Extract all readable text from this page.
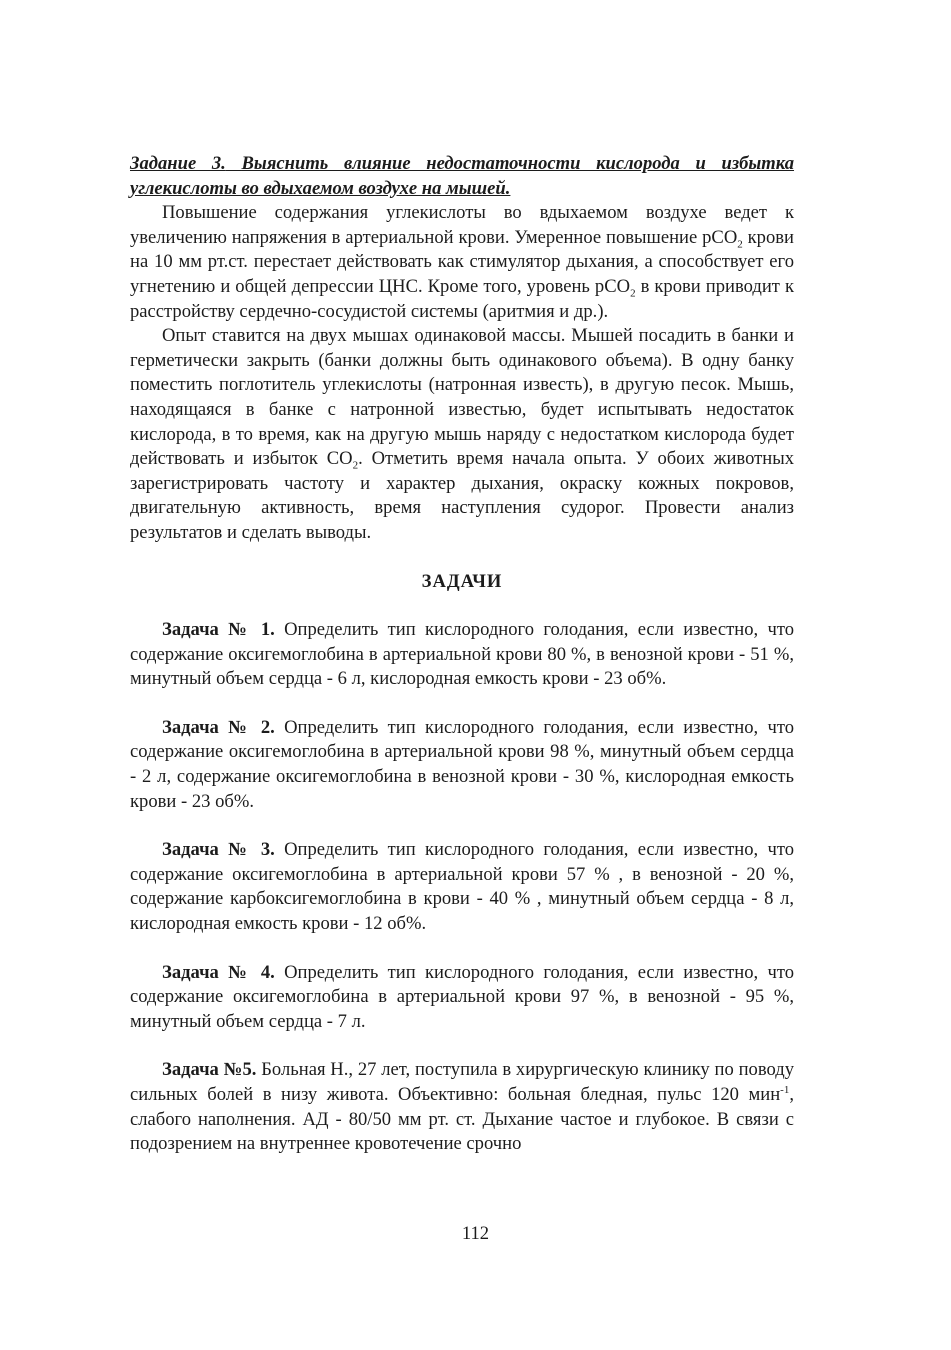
Задание 3. Выяснить влияние недостаточности кислорода и избытка углекислоты во вдыхаемом воздухе на мышей.

Повышение содержания углекислоты во вдыхаемом воздухе ведет к увеличению напряжения в артериальной крови. Умеренное повышение рСО$_2$ крови на 10 мм рт.ст. перестает действовать как стимулятор дыхания, а способствует его угнетению и общей депрессии ЦНС. Кроме того, уровень рСО$_2$ в крови приводит к расстройству сердечно-сосудистой системы (аритмия и др.).

Опыт ставится на двух мышах одинаковой массы. Мышей посадить в банки и герметически закрыть (банки должны быть одинакового объема). В одну банку поместить поглотитель углекислоты (натронная известь), в другую песок. Мышь, находящаяся в банке с натронной известью, будет испытывать недостаток кислорода, в то время, как на другую мышь наряду с недостатком кислорода будет действовать и избыток $СО_2$. Отметить время начала опыта. У обоих животных зарегистрировать частоту и характер дыхания, окраску кожных покровов, двигательную активность, время наступления судорог. Провести анализ результатов и сделать выводы.

ЗАДАЧИ

Задача № 1. Определить тип кислородного голодания, если известно, что содержание оксигемоглобина в артериальной крови 80 %, в венозной крови - 51 %, минутный объем сердца - 6 л, кислородная емкость крови - 23 об%.

Задача № 2. Определить тип кислородного голодания, если известно, что содержание оксигемоглобина в артериальной крови 98 %, минутный объем сердца - 2 л, содержание оксигемоглобина в венозной крови - 30 %, кислородная емкость крови - 23 об%.

Задача № 3. Определить тип кислородного голодания, если известно, что содержание оксигемоглобина в артериальной крови 57 % , в венозной - 20 %, содержание карбоксигемоглобина в крови - 40 % , минутный объем сердца - 8 л, кислородная емкость крови - 12 об%.

Задача № 4. Определить тип кислородного голодания, если известно, что содержание оксигемоглобина в артериальной крови 97 %, в венозной - 95 %, минутный объем сердца - 7 л.

Задача №5. Больная Н., 27 лет, поступила в хирургическую клинику по поводу сильных болей в низу живота. Объективно: больная бледная, пульс 120 мин$^{-1}$, слабого наполнения. АД - 80/50 мм рт. ст. Дыхание частое и глубокое. В связи с подозрением на внутреннее кровотечение срочно

112
